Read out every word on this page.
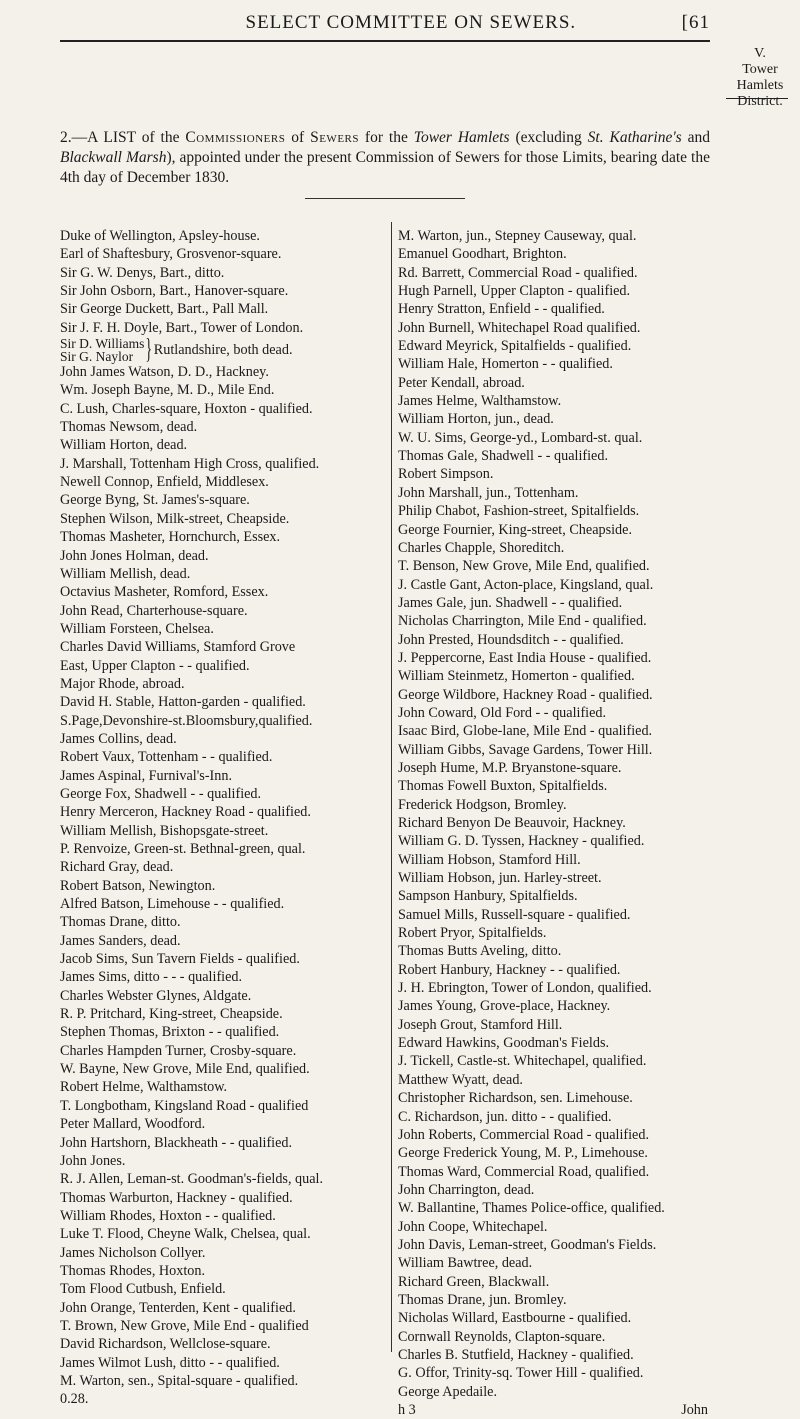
SELECT COMMITTEE ON SEWERS.	[61
V.
Tower Hamlets
District.
2.—A LIST of the Commissioners of Sewers for the Tower Hamlets (excluding St. Katharine's and Blackwall Marsh), appointed under the present Commission of Sewers for those Limits, bearing date the 4th day of December 1830.
Duke of Wellington, Apsley-house.
Earl of Shaftesbury, Grosvenor-square.
Sir G. W. Denys, Bart., ditto.
Sir John Osborn, Bart., Hanover-square.
Sir George Duckett, Bart., Pall Mall.
Sir J. F. H. Doyle, Bart., Tower of London.
Sir D. Williams
Sir G. Naylor } Rutlandshire, both dead.
John James Watson, D. D., Hackney.
Wm. Joseph Bayne, M. D., Mile End.
C. Lush, Charles-square, Hoxton - qualified.
Thomas Newsom, dead.
William Horton, dead.
J. Marshall, Tottenham High Cross, qualified.
Newell Connop, Enfield, Middlesex.
George Byng, St. James's-square.
Stephen Wilson, Milk-street, Cheapside.
Thomas Masheter, Hornchurch, Essex.
John Jones Holman, dead.
William Mellish, dead.
Octavius Masheter, Romford, Essex.
John Read, Charterhouse-square.
William Forsteen, Chelsea.
Charles David Williams, Stamford Grove
East, Upper Clapton - - qualified.
Major Rhode, abroad.
David H. Stable, Hatton-garden - qualified.
S.Page,Devonshire-st.Bloomsbury,qualified.
James Collins, dead.
Robert Vaux, Tottenham - - qualified.
James Aspinal, Furnival's-Inn.
George Fox, Shadwell - - qualified.
Henry Merceron, Hackney Road - qualified.
William Mellish, Bishopsgate-street.
P. Renvoize, Green-st. Bethnal-green, qual.
Richard Gray, dead.
Robert Batson, Newington.
Alfred Batson, Limehouse - - qualified.
Thomas Drane, ditto.
James Sanders, dead.
Jacob Sims, Sun Tavern Fields - qualified.
James Sims, ditto - - - qualified.
Charles Webster Glynes, Aldgate.
R. P. Pritchard, King-street, Cheapside.
Stephen Thomas, Brixton - - qualified.
Charles Hampden Turner, Crosby-square.
W. Bayne, New Grove, Mile End, qualified.
Robert Helme, Walthamstow.
T. Longbotham, Kingsland Road - qualified
Peter Mallard, Woodford.
John Hartshorn, Blackheath - - qualified.
John Jones.
R. J. Allen, Leman-st. Goodman's-fields, qual.
Thomas Warburton, Hackney - qualified.
William Rhodes, Hoxton - - qualified.
Luke T. Flood, Cheyne Walk, Chelsea, qual.
James Nicholson Collyer.
Thomas Rhodes, Hoxton.
Tom Flood Cutbush, Enfield.
John Orange, Tenterden, Kent - qualified.
T. Brown, New Grove, Mile End - qualified
David Richardson, Wellclose-square.
James Wilmot Lush, ditto - - qualified.
M. Warton, sen., Spital-square - qualified.
0.28.
M. Warton, jun., Stepney Causeway, qual.
Emanuel Goodhart, Brighton.
Rd. Barrett, Commercial Road - qualified.
Hugh Parnell, Upper Clapton - qualified.
Henry Stratton, Enfield - - qualified.
John Burnell, Whitechapel Road qualified.
Edward Meyrick, Spitalfields - qualified.
William Hale, Homerton - - qualified.
Peter Kendall, abroad.
James Helme, Walthamstow.
William Horton, jun., dead.
W. U. Sims, George-yd., Lombard-st. qual.
Thomas Gale, Shadwell - - qualified.
Robert Simpson.
John Marshall, jun., Tottenham.
Philip Chabot, Fashion-street, Spitalfields.
George Fournier, King-street, Cheapside.
Charles Chapple, Shoreditch.
T. Benson, New Grove, Mile End, qualified.
J. Castle Gant, Acton-place, Kingsland, qual.
James Gale, jun. Shadwell - - qualified.
Nicholas Charrington, Mile End - qualified.
John Prested, Houndsditch - - qualified.
J. Peppercorne, East India House - qualified.
William Steinmetz, Homerton - qualified.
George Wildbore, Hackney Road - qualified.
John Coward, Old Ford - - qualified.
Isaac Bird, Globe-lane, Mile End - qualified.
William Gibbs, Savage Gardens, Tower Hill.
Joseph Hume, M.P. Bryanstone-square.
Thomas Fowell Buxton, Spitalfields.
Frederick Hodgson, Bromley.
Richard Benyon De Beauvoir, Hackney.
William G. D. Tyssen, Hackney - qualified.
William Hobson, Stamford Hill.
William Hobson, jun. Harley-street.
Sampson Hanbury, Spitalfields.
Samuel Mills, Russell-square - qualified.
Robert Pryor, Spitalfields.
Thomas Butts Aveling, ditto.
Robert Hanbury, Hackney - - qualified.
J. H. Ebrington, Tower of London, qualified.
James Young, Grove-place, Hackney.
Joseph Grout, Stamford Hill.
Edward Hawkins, Goodman's Fields.
J. Tickell, Castle-st. Whitechapel, qualified.
Matthew Wyatt, dead.
Christopher Richardson, sen. Limehouse.
C. Richardson, jun. ditto - - qualified.
John Roberts, Commercial Road - qualified.
George Frederick Young, M. P., Limehouse.
Thomas Ward, Commercial Road, qualified.
John Charrington, dead.
W. Ballantine, Thames Police-office, qualified.
John Coope, Whitechapel.
John Davis, Leman-street, Goodman's Fields.
William Bawtree, dead.
Richard Green, Blackwall.
Thomas Drane, jun. Bromley.
Nicholas Willard, Eastbourne - qualified.
Cornwall Reynolds, Clapton-square.
Charles B. Stutfield, Hackney - qualified.
G. Offor, Trinity-sq. Tower Hill - qualified.
George Apedaile.
h 3	John
